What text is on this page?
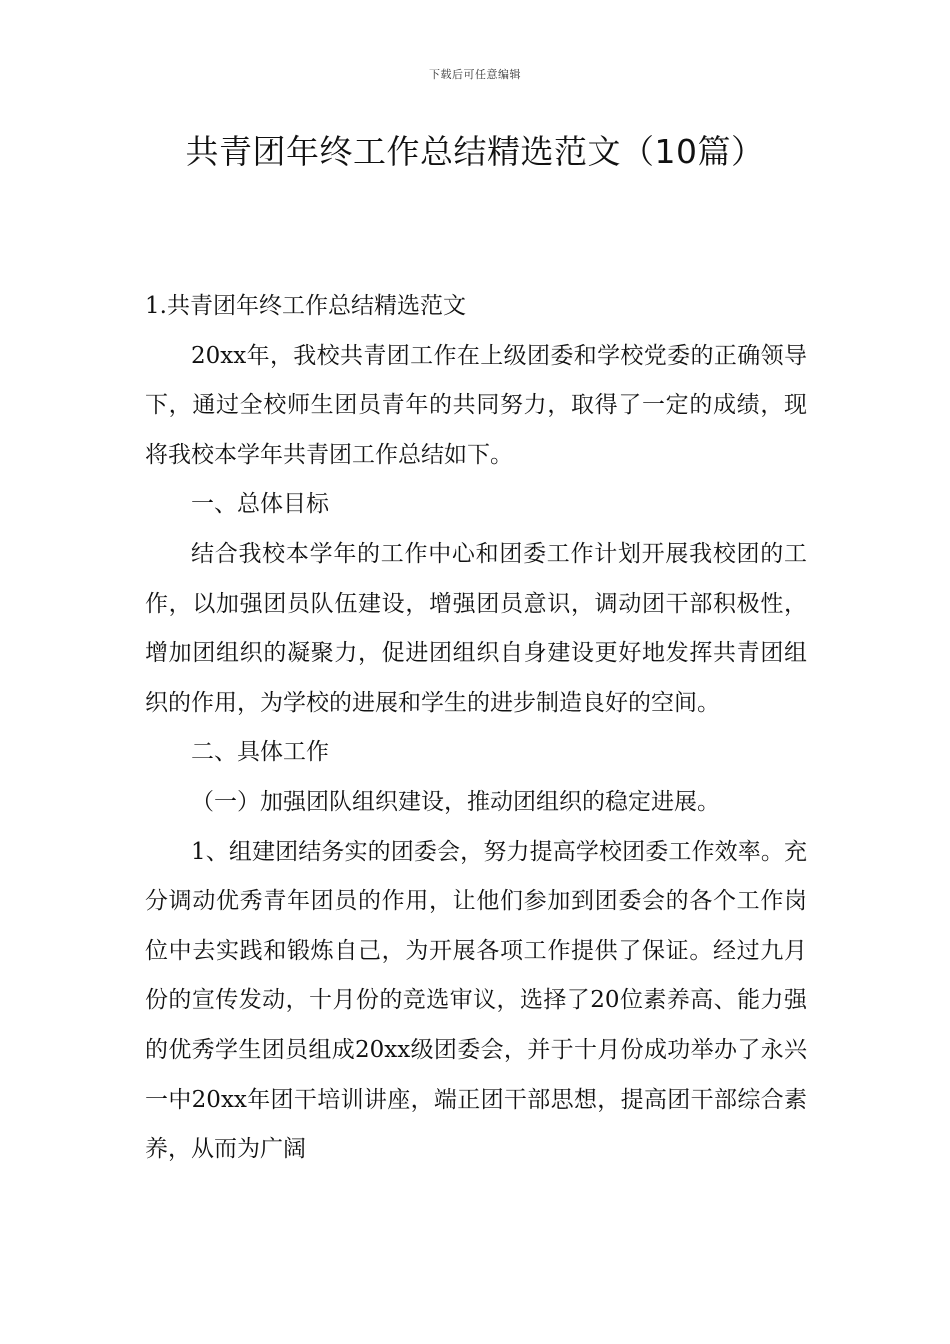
下载后可任意编辑
共青团年终工作总结精选范文（10篇）

1.共青团年终工作总结精选范文

20xx年，我校共青团工作在上级团委和学校党委的正确领导下，通过全校师生团员青年的共同努力，取得了一定的成绩，现将我校本学年共青团工作总结如下。

一、总体目标

结合我校本学年的工作中心和团委工作计划开展我校团的工作，以加强团员队伍建设，增强团员意识，调动团干部积极性，增加团组织的凝聚力，促进团组织自身建设更好地发挥共青团组织的作用，为学校的进展和学生的进步制造良好的空间。

二、具体工作

（一）加强团队组织建设，推动团组织的稳定进展。

1、组建团结务实的团委会，努力提高学校团委工作效率。充分调动优秀青年团员的作用，让他们参加到团委会的各个工作岗位中去实践和锻炼自己，为开展各项工作提供了保证。经过九月份的宣传发动，十月份的竞选审议，选择了20位素养高、能力强的优秀学生团员组成20xx级团委会，并于十月份成功举办了永兴一中20xx年团干培训讲座，端正团干部思想，提高团干部综合素养，从而为广阔
